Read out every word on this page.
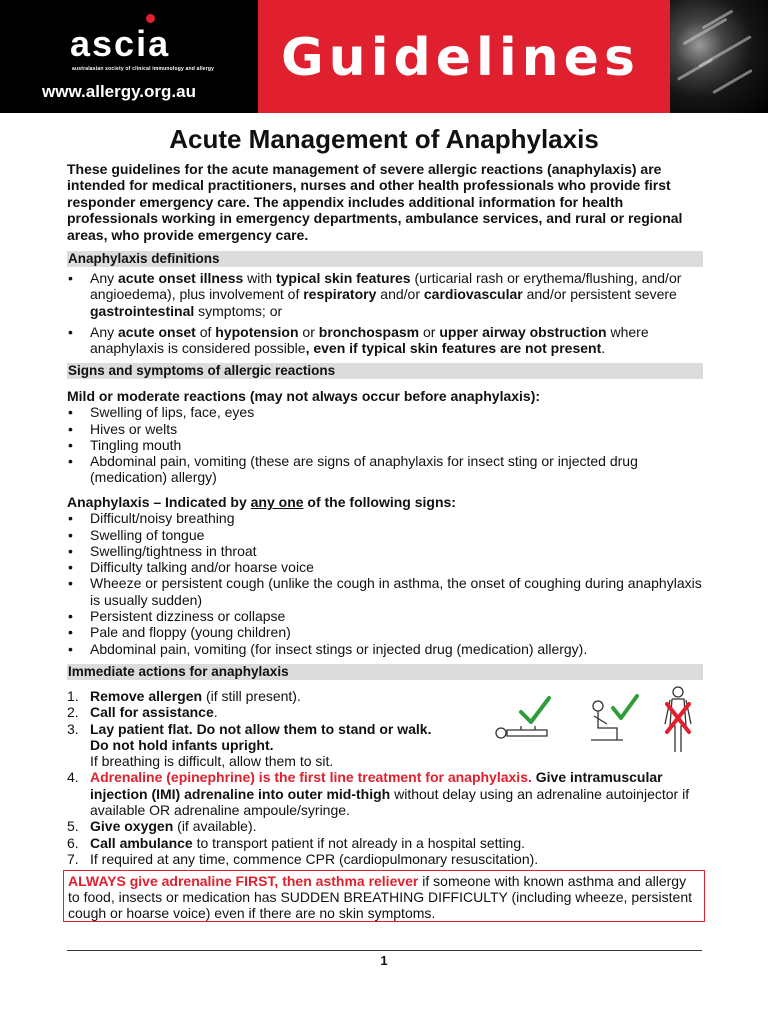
ascia
australasian society of clinical immunology and allergy
www.allergy.org.au
Guidelines
Acute Management of Anaphylaxis
These guidelines for the acute management of severe allergic reactions (anaphylaxis) are intended for medical practitioners, nurses and other health professionals who provide first responder emergency care. The appendix includes additional information for health professionals working in emergency departments, ambulance services, and rural or regional areas, who provide emergency care.
Anaphylaxis definitions
• Any acute onset illness with typical skin features (urticarial rash or erythema/flushing, and/or angioedema), plus involvement of respiratory and/or cardiovascular and/or persistent severe gastrointestinal symptoms; or
• Any acute onset of hypotension or bronchospasm or upper airway obstruction where anaphylaxis is considered possible, even if typical skin features are not present.
Signs and symptoms of allergic reactions
Mild or moderate reactions (may not always occur before anaphylaxis):
• Swelling of lips, face, eyes
• Hives or welts
• Tingling mouth
• Abdominal pain, vomiting (these are signs of anaphylaxis for insect sting or injected drug (medication) allergy)
Anaphylaxis – Indicated by any one of the following signs:
• Difficult/noisy breathing
• Swelling of tongue
• Swelling/tightness in throat
• Difficulty talking and/or hoarse voice
• Wheeze or persistent cough (unlike the cough in asthma, the onset of coughing during anaphylaxis is usually sudden)
• Persistent dizziness or collapse
• Pale and floppy (young children)
• Abdominal pain, vomiting (for insect stings or injected drug (medication) allergy).
Immediate actions for anaphylaxis
1. Remove allergen (if still present).
2. Call for assistance.
3. Lay patient flat. Do not allow them to stand or walk.
Do not hold infants upright.
If breathing is difficult, allow them to sit.
4. Adrenaline (epinephrine) is the first line treatment for anaphylaxis. Give intramuscular injection (IMI) adrenaline into outer mid-thigh without delay using an adrenaline autoinjector if available OR adrenaline ampoule/syringe.
5. Give oxygen (if available).
6. Call ambulance to transport patient if not already in a hospital setting.
7. If required at any time, commence CPR (cardiopulmonary resuscitation).
ALWAYS give adrenaline FIRST, then asthma reliever if someone with known asthma and allergy to food, insects or medication has SUDDEN BREATHING DIFFICULTY (including wheeze, persistent cough or hoarse voice) even if there are no skin symptoms.
1
